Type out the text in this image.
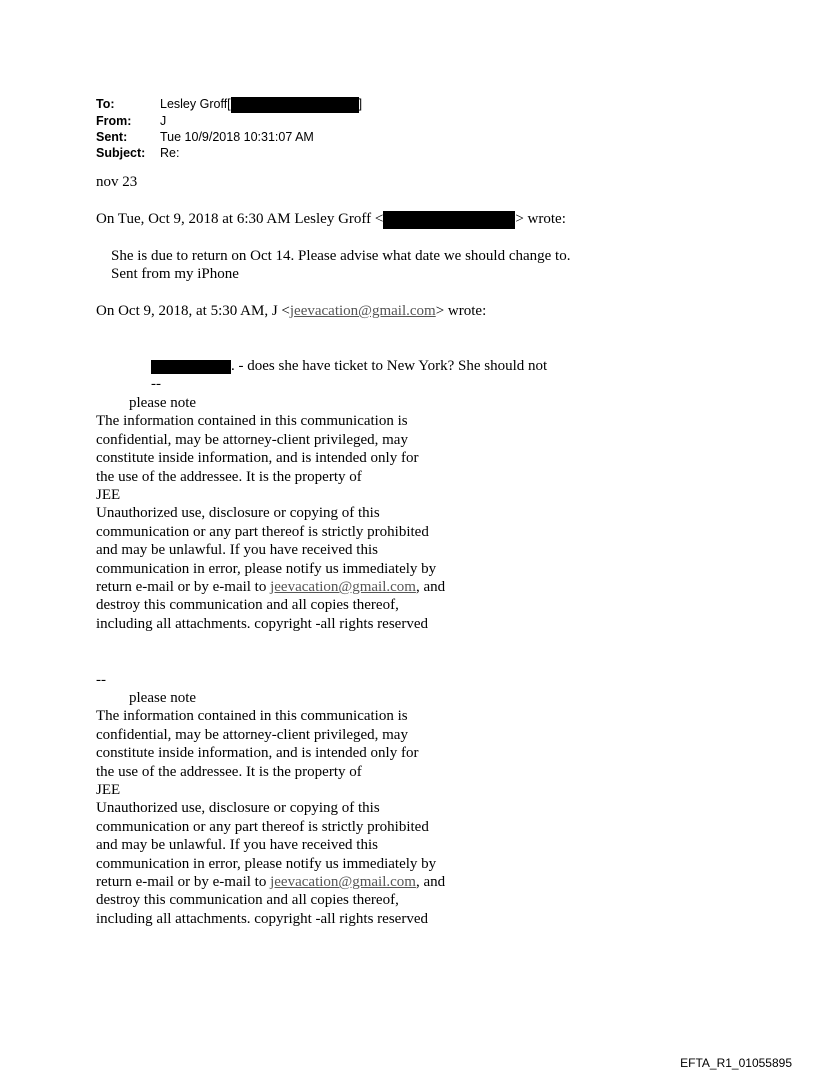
To:	Lesley Groff[	]
From:	J
Sent:	Tue 10/9/2018 10:31:07 AM
Subject:	Re:
nov 23
On Tue, Oct 9, 2018 at 6:30 AM Lesley Groff <	> wrote:
She is due to return on Oct 14. Please advise what date we should change to.
Sent from my iPhone
On Oct 9, 2018, at 5:30 AM, J <jeevacation@gmail.com> wrote:
. - does she have ticket to New York? She should not
--
please note
The information contained in this communication is
confidential, may be attorney-client privileged, may
constitute inside information, and is intended only for
the use of the addressee. It is the property of
JEE
Unauthorized use, disclosure or copying of this
communication or any part thereof is strictly prohibited
and may be unlawful. If you have received this
communication in error, please notify us immediately by
return e-mail or by e-mail to jeevacation@gmail.com, and
destroy this communication and all copies thereof,
including all attachments. copyright -all rights reserved
--
please note
The information contained in this communication is
confidential, may be attorney-client privileged, may
constitute inside information, and is intended only for
the use of the addressee. It is the property of
JEE
Unauthorized use, disclosure or copying of this
communication or any part thereof is strictly prohibited
and may be unlawful. If you have received this
communication in error, please notify us immediately by
return e-mail or by e-mail to jeevacation@gmail.com, and
destroy this communication and all copies thereof,
including all attachments. copyright -all rights reserved
EFTA_R1_01055895
